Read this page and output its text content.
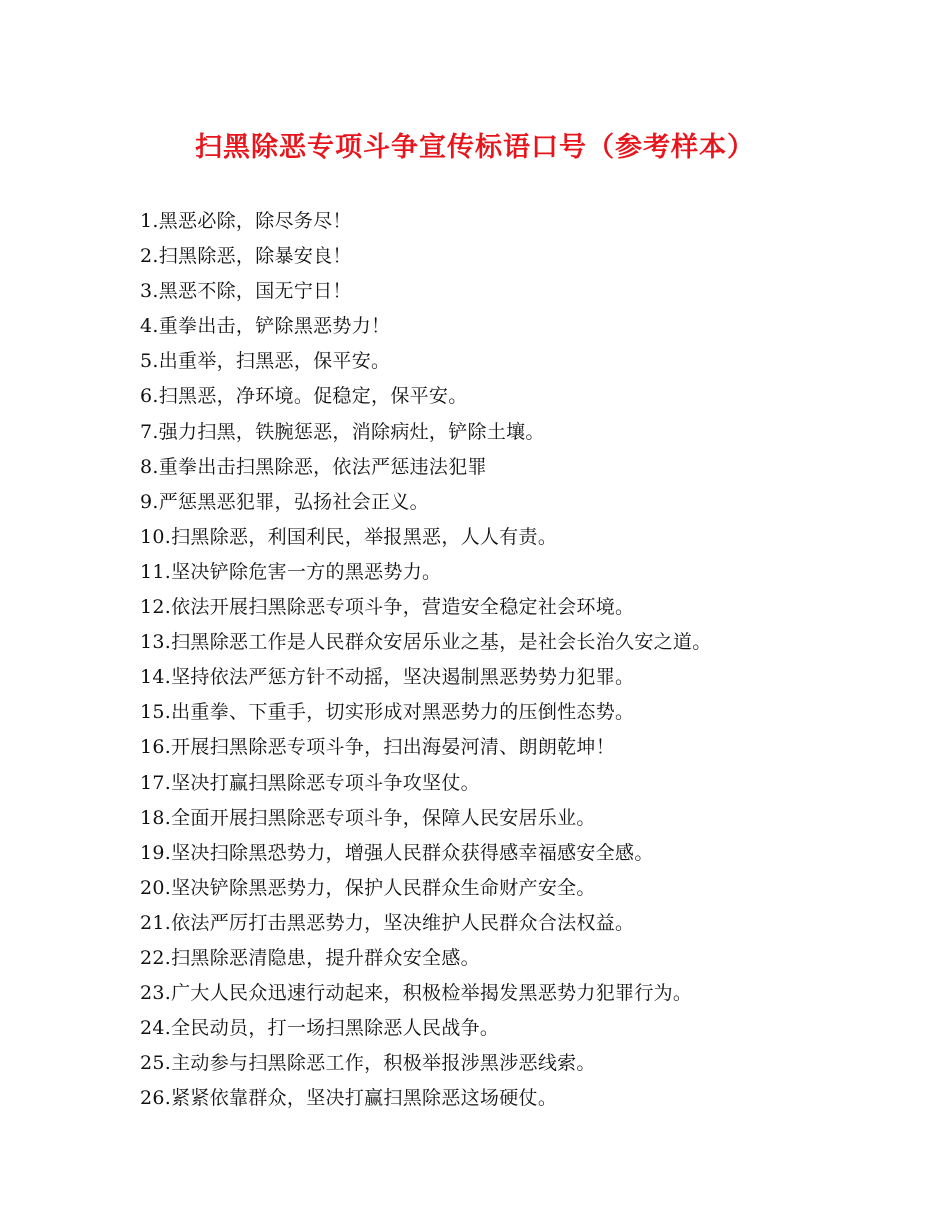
扫黑除恶专项斗争宣传标语口号（参考样本）
1.黑恶必除，除尽务尽！
2.扫黑除恶，除暴安良！
3.黑恶不除，国无宁日！
4.重拳出击，铲除黑恶势力！
5.出重举，扫黑恶，保平安。
6.扫黑恶，净环境。促稳定，保平安。
7.强力扫黑，铁腕惩恶，消除病灶，铲除土壤。
8.重拳出击扫黑除恶，依法严惩违法犯罪
9.严惩黑恶犯罪，弘扬社会正义。
10.扫黑除恶，利国利民，举报黑恶，人人有责。
11.坚决铲除危害一方的黑恶势力。
12.依法开展扫黑除恶专项斗争，营造安全稳定社会环境。
13.扫黑除恶工作是人民群众安居乐业之基，是社会长治久安之道。
14.坚持依法严惩方针不动摇，坚决遏制黑恶势势力犯罪。
15.出重拳、下重手，切实形成对黑恶势力的压倒性态势。
16.开展扫黑除恶专项斗争，扫出海晏河清、朗朗乾坤！
17.坚决打赢扫黑除恶专项斗争攻坚仗。
18.全面开展扫黑除恶专项斗争，保障人民安居乐业。
19.坚决扫除黑恐势力，增强人民群众获得感幸福感安全感。
20.坚决铲除黑恶势力，保护人民群众生命财产安全。
21.依法严厉打击黑恶势力，坚决维护人民群众合法权益。
22.扫黑除恶清隐患，提升群众安全感。
23.广大人民众迅速行动起来，积极检举揭发黑恶势力犯罪行为。
24.全民动员，打一场扫黑除恶人民战争。
25.主动参与扫黑除恶工作，积极举报涉黑涉恶线索。
26.紧紧依靠群众，坚决打赢扫黑除恶这场硬仗。
